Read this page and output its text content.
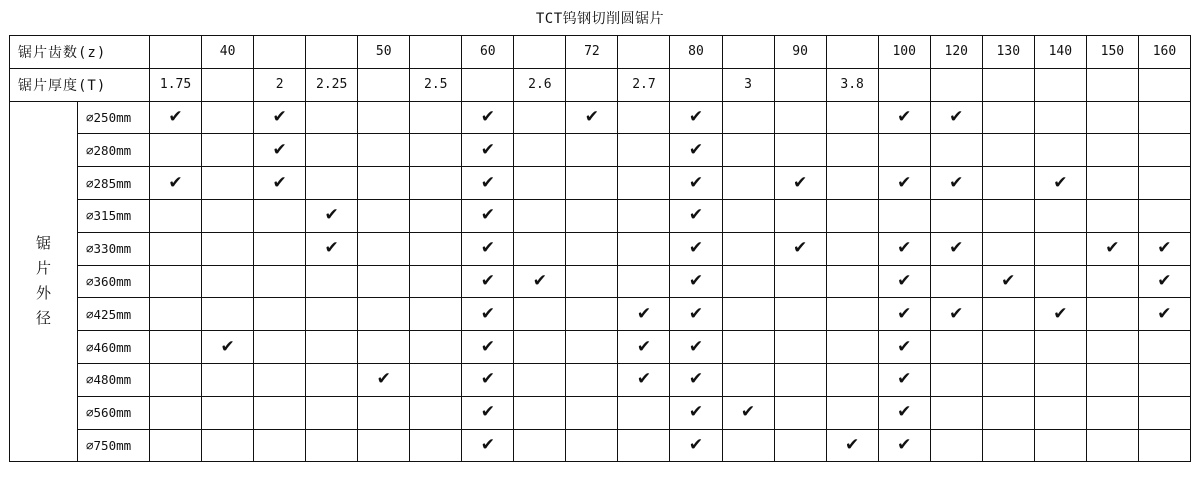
TCT钨钢切削圆锯片
锯片齿数(z)			40			50		60		72		80		90		100	120	130	140	150	160
锯片厚度(T)		1.75		2	2.25		2.5		2.6		2.7		3		3.8						
锯
片
外
径	⌀250mm	✔		✔				✔		✔		✔				✔	✔				
	⌀280mm			✔				✔				✔									
	⌀285mm	✔		✔				✔				✔		✔		✔	✔		✔		
	⌀315mm				✔			✔				✔									
	⌀330mm				✔			✔				✔		✔		✔	✔			✔	✔
	⌀360mm							✔	✔			✔				✔		✔			✔
	⌀425mm							✔			✔	✔				✔	✔		✔		✔
	⌀460mm		✔					✔			✔	✔				✔					
	⌀480mm					✔		✔			✔	✔				✔					
	⌀560mm							✔				✔	✔			✔					
	⌀750mm							✔				✔			✔	✔					
